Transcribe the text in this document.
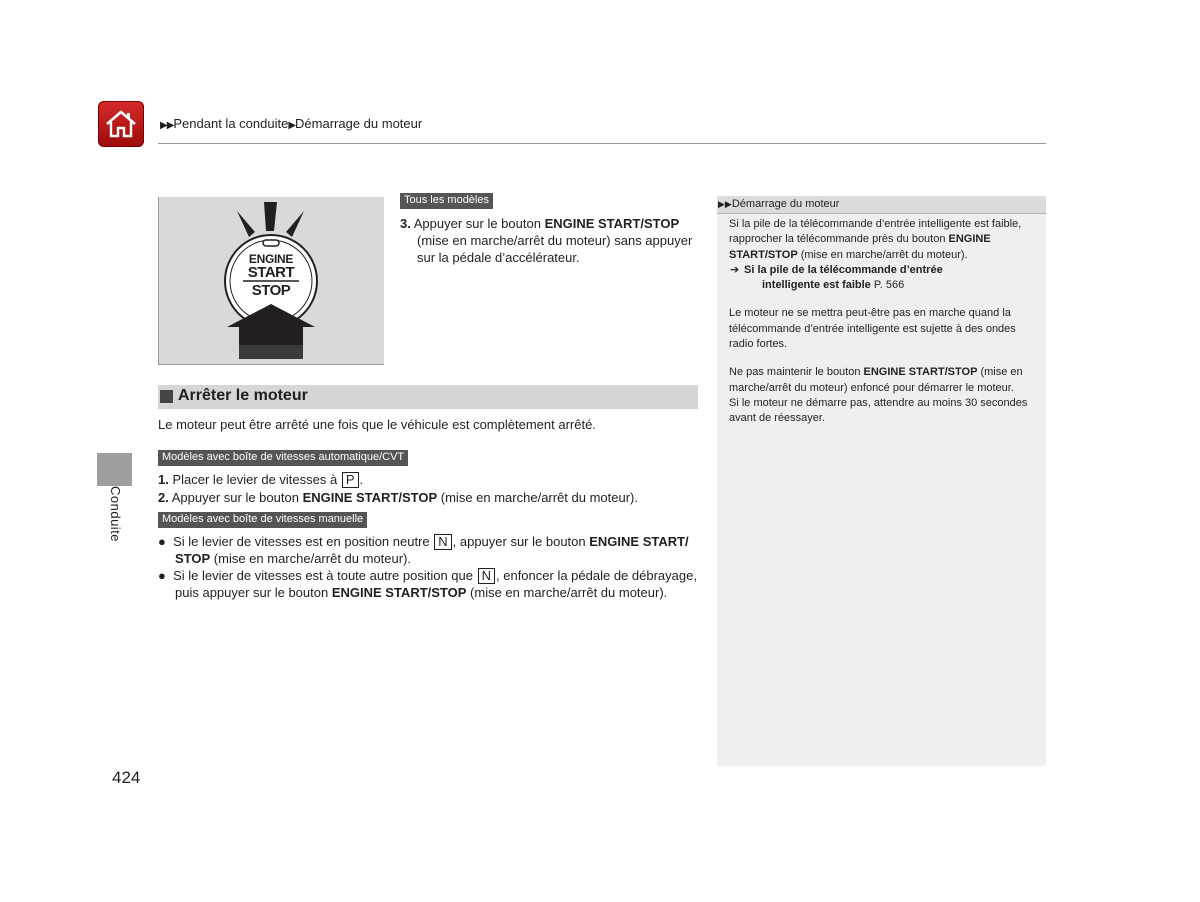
▶▶Pendant la conduite▶Démarrage du moteur
ENGINE
START
STOP
Tous les modèles
3. Appuyer sur le bouton ENGINE START/STOP
(mise en marche/arrêt du moteur) sans appuyer sur la pédale d’accélérateur.
Arrêter le moteur
Le moteur peut être arrêté une fois que le véhicule est complètement arrêté.
Modèles avec boîte de vitesses automatique/CVT
1. Placer le levier de vitesses à P .
2. Appuyer sur le bouton ENGINE START/STOP (mise en marche/arrêt du moteur).
Modèles avec boîte de vitesses manuelle
● Si le levier de vitesses est en position neutre N , appuyer sur le bouton ENGINE START/
STOP (mise en marche/arrêt du moteur).
● Si le levier de vitesses est à toute autre position que N , enfoncer la pédale de débrayage,
puis appuyer sur le bouton ENGINE START/STOP (mise en marche/arrêt du moteur).
▶▶Démarrage du moteur
Si la pile de la télécommande d’entrée intelligente est faible,
rapprocher la télécommande près du bouton ENGINE
START/STOP (mise en marche/arrêt du moteur).
➔ Si la pile de la télécommande d’entrée
intelligente est faible P. 566
Le moteur ne se mettra peut-être pas en marche quand la
télécommande d’entrée intelligente est sujette à des ondes
radio fortes.
Ne pas maintenir le bouton ENGINE START/STOP (mise en
marche/arrêt du moteur) enfoncé pour démarrer le moteur.
Si le moteur ne démarre pas, attendre au moins 30 secondes
avant de réessayer.
Conduite
424
